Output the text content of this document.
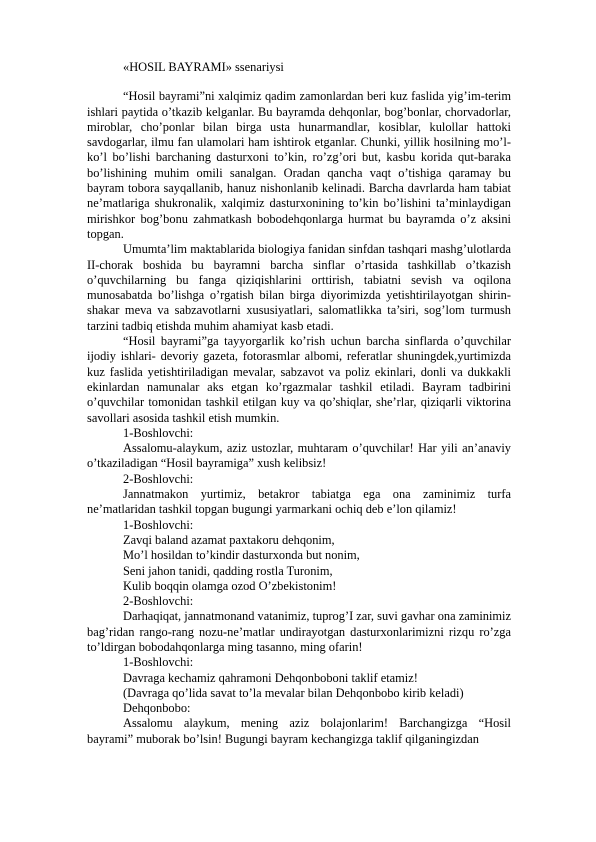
«HOSIL BAYRAMI» ssenariysi

“Hosil bayrami”ni xalqimiz qadim zamonlardan beri kuz faslida yig’im-terim ishlari paytida o’tkazib kelganlar. Bu bayramda dehqonlar, bog’bonlar, chorvadorlar, miroblar, cho’ponlar bilan birga usta hunarmandlar, kosiblar, kulollar hattoki savdogarlar, ilmu fan ulamolari ham ishtirok etganlar. Chunki, yillik hosilning mo’l-ko’l bo’lishi barchaning dasturxoni to’kin, ro’zg’ori but, kasbu korida qut-baraka bo’lishining muhim omili sanalgan. Oradan qancha vaqt o’tishiga qaramay bu bayram tobora sayqallanib, hanuz nishonlanib kelinadi. Barcha davrlarda ham tabiat ne’matlariga shukronalik, xalqimiz dasturxonining to’kin bo’lishini ta’minlaydigan mirishkor bog’bonu zahmatkash bobodehqonlarga hurmat bu bayramda o’z aksini topgan.

Umumta’lim maktablarida biologiya fanidan sinfdan tashqari mashg’ulotlarda II-chorak boshida bu bayramni barcha sinflar o’rtasida tashkillab o’tkazish o’quvchilarning bu fanga qiziqishlarini orttirish, tabiatni sevish va oqilona munosabatda bo’lishga o’rgatish bilan birga diyorimizda yetishtirilayotgan shirin-shakar meva va sabzavotlarni xususiyatlari, salomatlikka ta’siri, sog’lom turmush tarzini tadbiq etishda muhim ahamiyat kasb etadi.

“Hosil bayrami”ga tayyorgarlik ko’rish uchun barcha sinflarda o’quvchilar ijodiy ishlari- devoriy gazeta, fotorasmlar albomi, referatlar shuningdek,yurtimizda kuz faslida yetishtiriladigan mevalar, sabzavot va poliz ekinlari, donli va dukkakli ekinlardan namunalar aks etgan ko’rgazmalar tashkil etiladi. Bayram tadbirini o’quvchilar tomonidan tashkil etilgan kuy va qo’shiqlar, she’rlar, qiziqarli viktorina savollari asosida tashkil etish mumkin.

1-Boshlovchi:

Assalomu-alaykum, aziz ustozlar, muhtaram o’quvchilar! Har yili an’anaviy o’tkaziladigan “Hosil bayramiga” xush kelibsiz!

2-Boshlovchi:

Jannatmakon yurtimiz, betakror tabiatga ega ona zaminimiz turfa ne’matlaridan tashkil topgan bugungi yarmarkani ochiq deb e’lon qilamiz!

1-Boshlovchi:

Zavqi baland azamat paxtakoru dehqonim,

Mo’l hosildan to’kindir dasturxonda but nonim,

Seni jahon tanidi, qadding rostla Turonim,

Kulib boqqin olamga ozod O’zbekistonim!

2-Boshlovchi:

Darhaqiqat, jannatmonand vatanimiz, tuprog’I zar, suvi gavhar ona zaminimiz bag’ridan rango-rang nozu-ne’matlar undirayotgan dasturxonlarimizni rizqu ro’zga to’ldirgan bobodahqonlarga ming tasanno, ming ofarin!

1-Boshlovchi:

Davraga kechamiz qahramoni Dehqonboboni taklif etamiz!

(Davraga qo’lida savat to’la mevalar bilan Dehqonbobo kirib keladi)

Dehqonbobo:

Assalomu alaykum, mening aziz bolajonlarim! Barchangizga “Hosil bayrami” muborak bo’lsin! Bugungi bayram kechangizga taklif qilganingizdan
